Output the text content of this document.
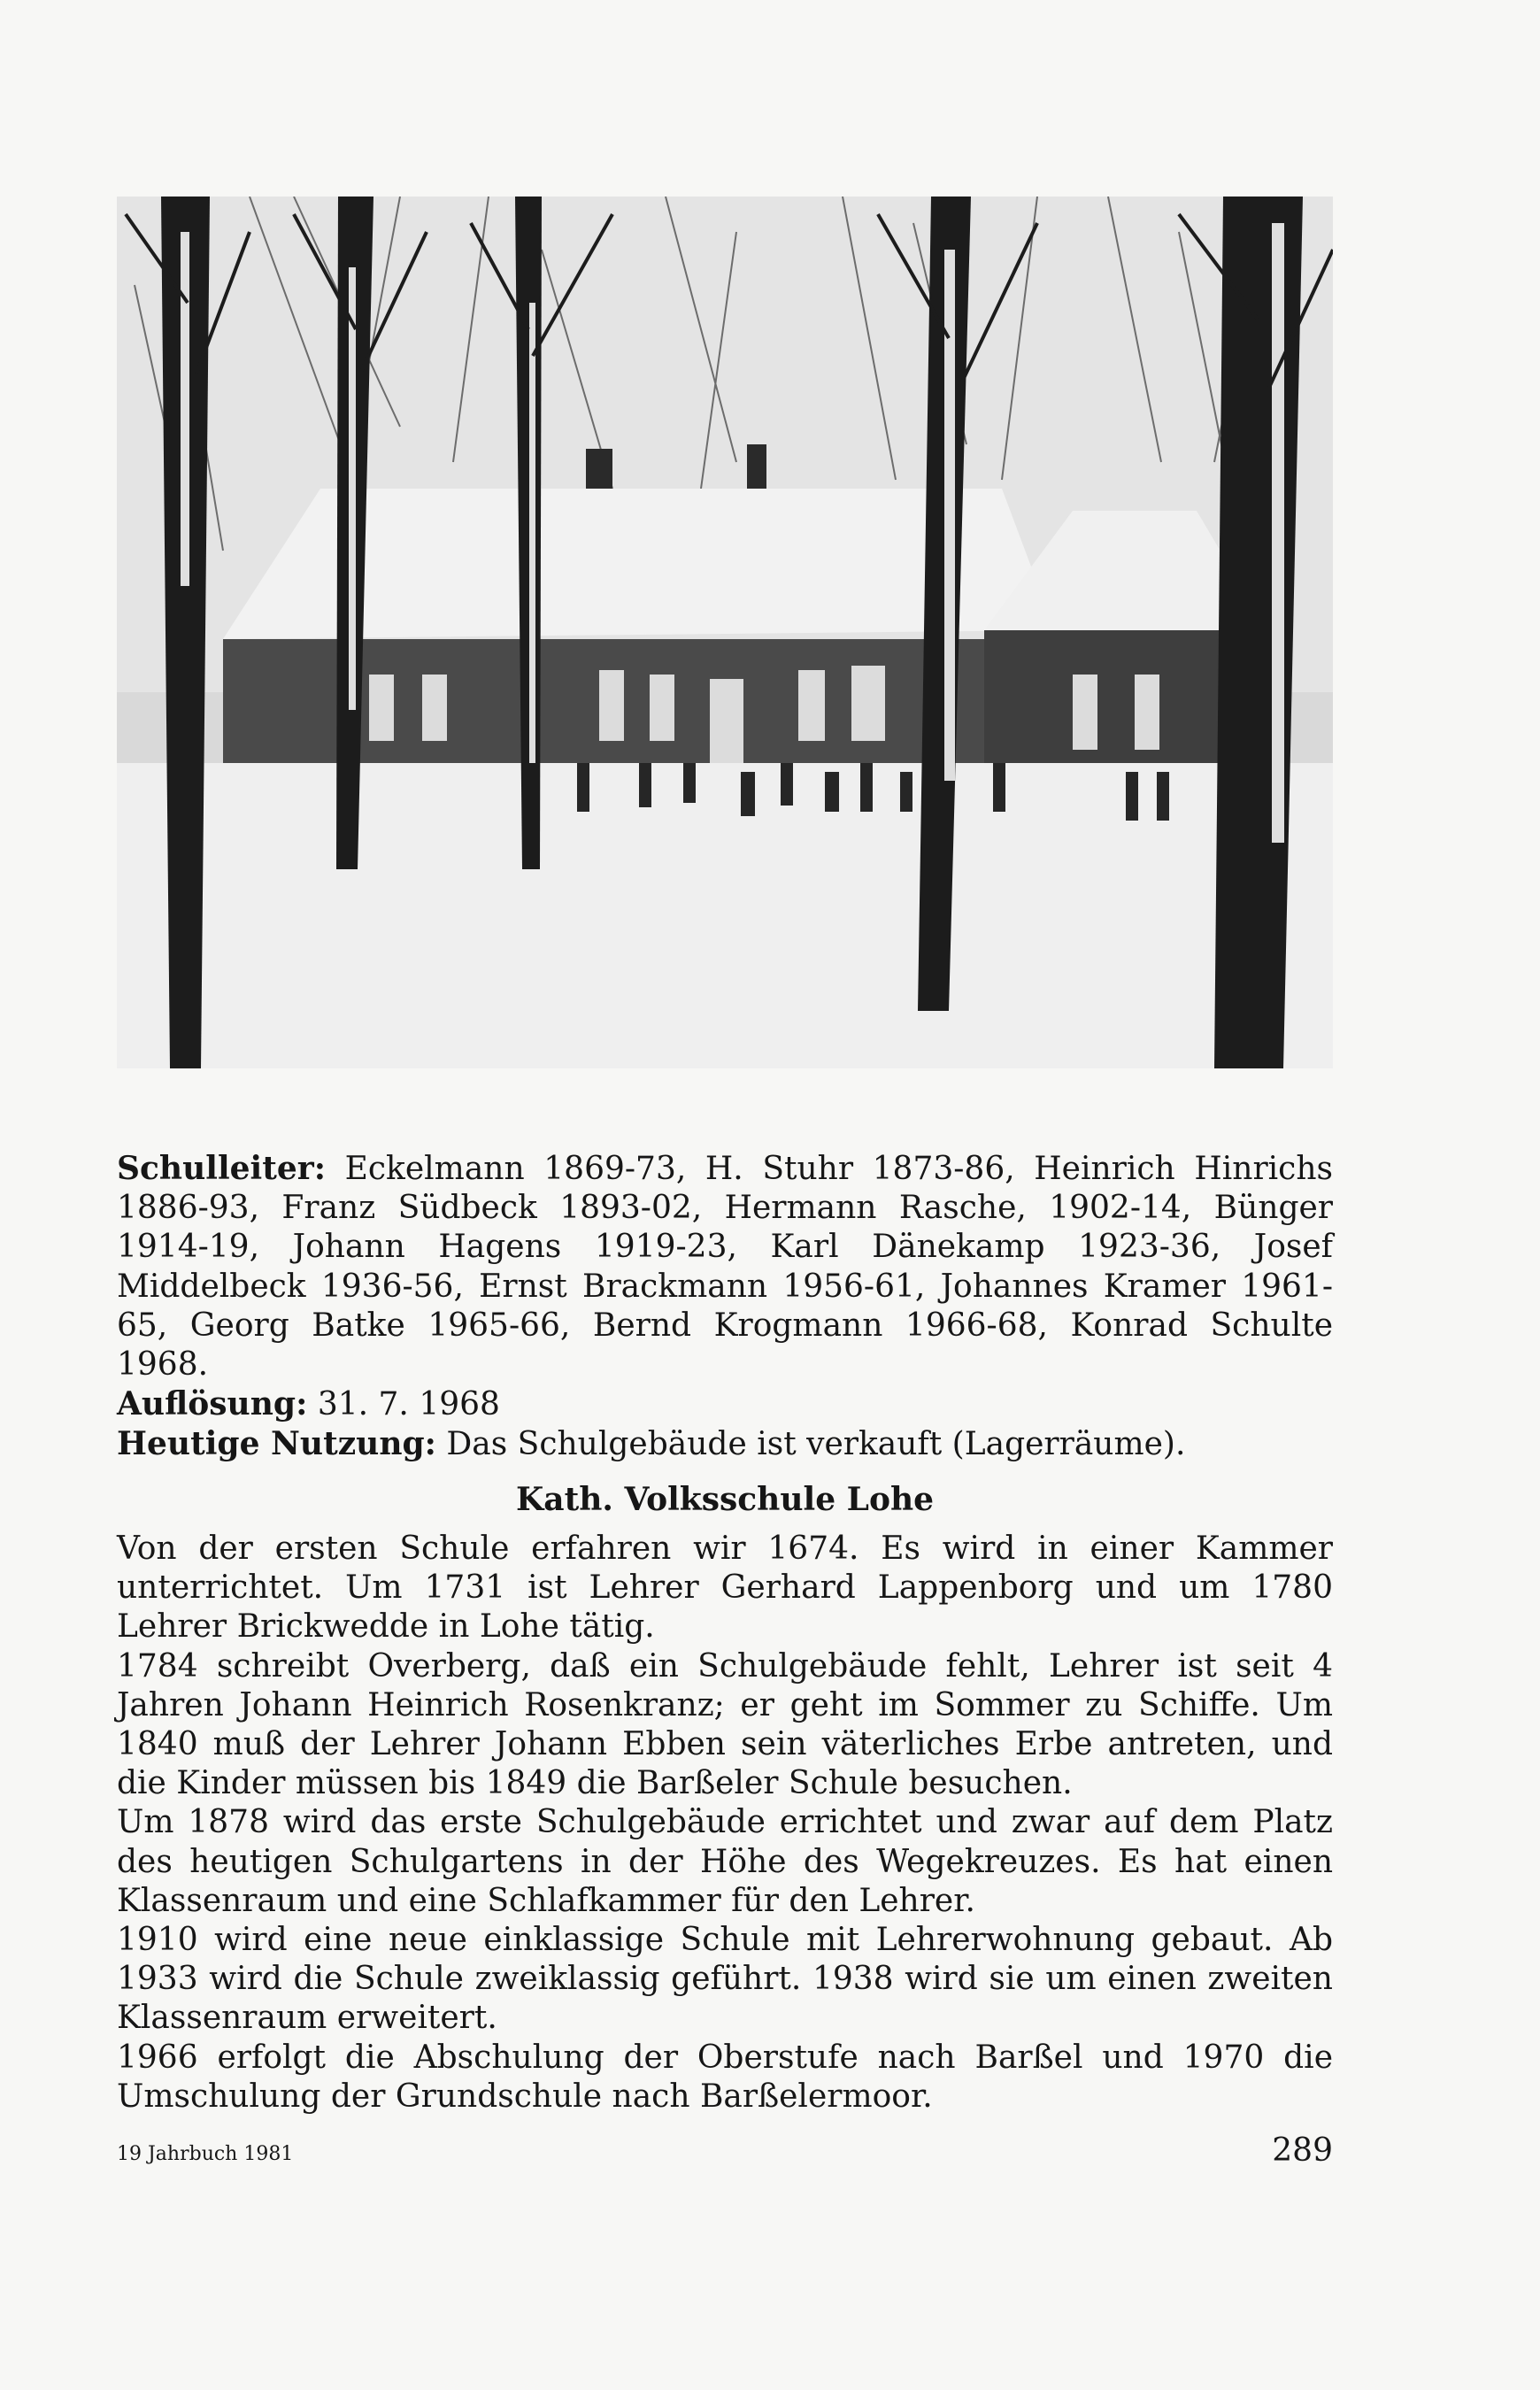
Schulleiter: Eckelmann 1869-73, H. Stuhr 1873-86, Heinrich Hinrichs 1886-93, Franz Südbeck 1893-02, Hermann Rasche, 1902-14, Bünger 1914-19, Johann Hagens 1919-23, Karl Dänekamp 1923-36, Josef Middelbeck 1936-56, Ernst Brackmann 1956-61, Johannes Kramer 1961-65, Georg Batke 1965-66, Bernd Krogmann 1966-68, Konrad Schulte 1968.

Auflösung: 31. 7. 1968

Heutige Nutzung: Das Schulgebäude ist verkauft (Lagerräume).

Kath. Volksschule Lohe

Von der ersten Schule erfahren wir 1674. Es wird in einer Kammer unterrichtet. Um 1731 ist Lehrer Gerhard Lappenborg und um 1780 Lehrer Brickwedde in Lohe tätig.

1784 schreibt Overberg, daß ein Schulgebäude fehlt, Lehrer ist seit 4 Jahren Johann Heinrich Rosenkranz; er geht im Sommer zu Schiffe. Um 1840 muß der Lehrer Johann Ebben sein väterliches Erbe antreten, und die Kinder müssen bis 1849 die Barßeler Schule besuchen.

Um 1878 wird das erste Schulgebäude errichtet und zwar auf dem Platz des heutigen Schulgartens in der Höhe des Wegekreuzes. Es hat einen Klassenraum und eine Schlafkammer für den Lehrer.

1910 wird eine neue einklassige Schule mit Lehrerwohnung gebaut. Ab 1933 wird die Schule zweiklassig geführt. 1938 wird sie um einen zweiten Klassenraum erweitert.

1966 erfolgt die Abschulung der Oberstufe nach Barßel und 1970 die Umschulung der Grundschule nach Barßelermoor.

19 Jahrbuch 1981	289
